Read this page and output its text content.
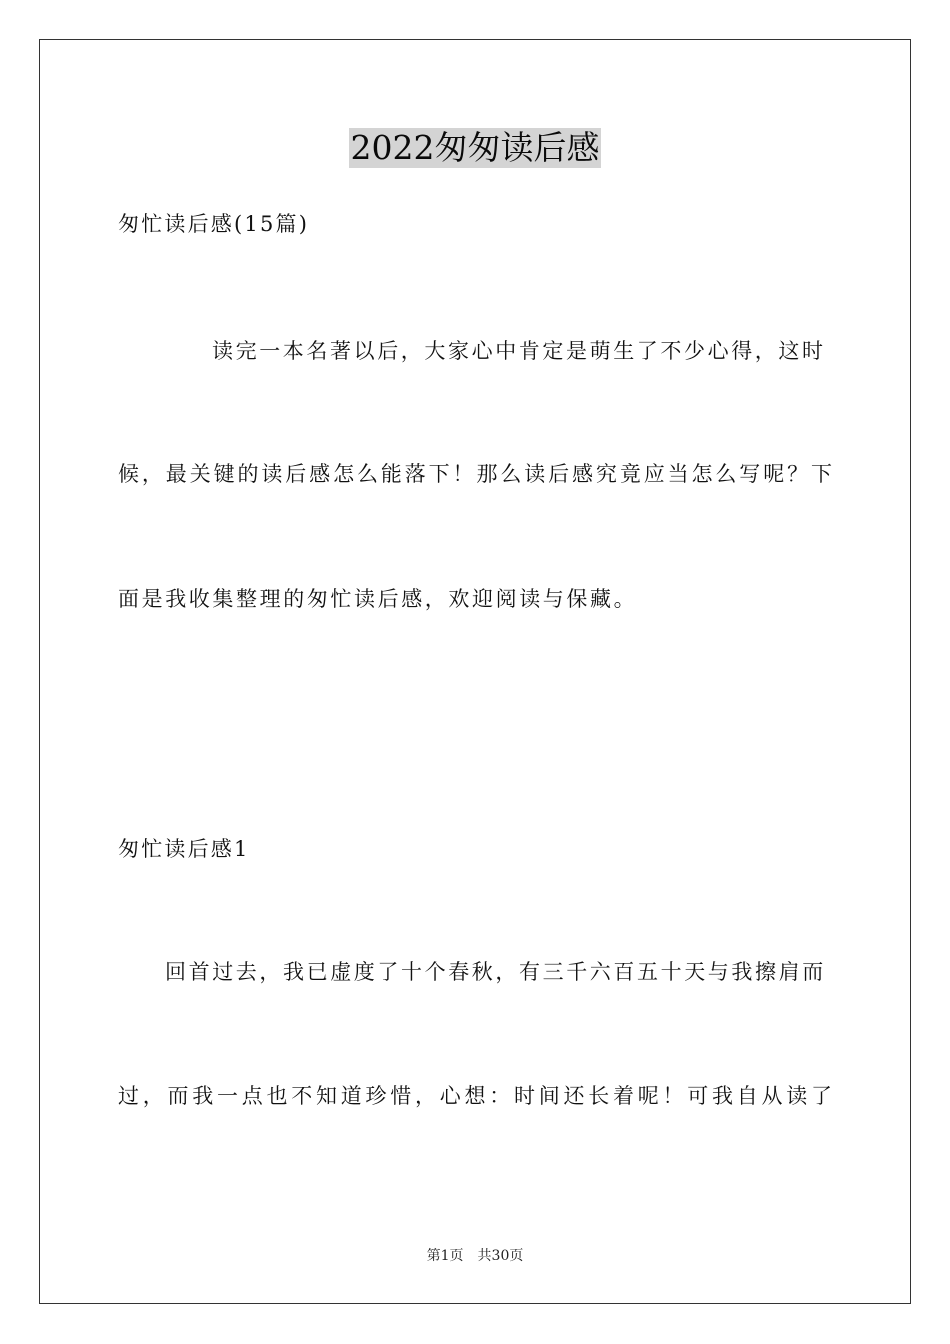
2022匆匆读后感
匆忙读后感(15篇)
读完一本名著以后，大家心中肯定是萌生了不少心得，这时
候，最关键的读后感怎么能落下！那么读后感究竟应当怎么写呢？下
面是我收集整理的匆忙读后感，欢迎阅读与保藏。
匆忙读后感1
回首过去，我已虚度了十个春秋，有三千六百五十天与我擦肩而
过，而我一点也不知道珍惜，心想：时间还长着呢！可我自从读了
第1页　共30页
